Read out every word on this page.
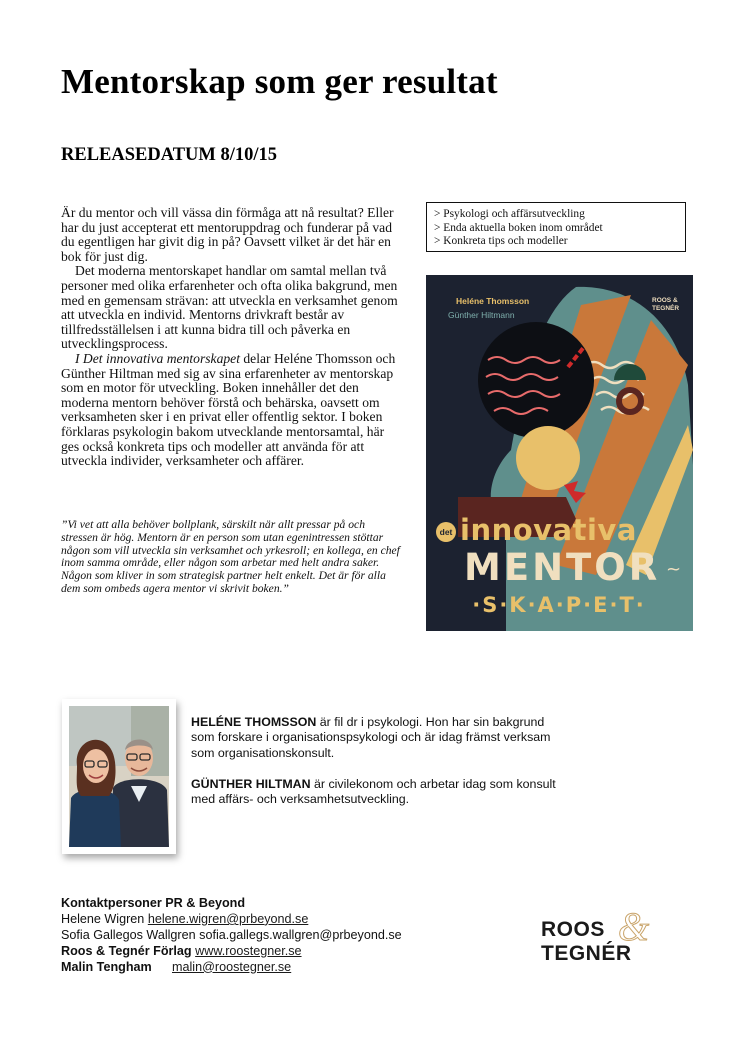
Mentorskap som ger resultat
RELEASEDATUM 8/10/15

Är du mentor och vill vässa din förmåga att nå resultat? Eller har du just accepterat ett mentoruppdrag och funderar på vad du egentligen har givit dig in på? Oavsett vilket är det här en bok för just dig.

Det moderna mentorskapet handlar om samtal mellan två personer med olika erfarenheter och ofta olika bakgrund, men med en gemensam strävan: att utveckla en verksamhet genom att utveckla en individ. Mentorns drivkraft består av tillfredsställelsen i att kunna bidra till och påverka en utvecklingsprocess.

I Det innovativa mentorskapet delar Heléne Thomsson och Günther Hiltman med sig av sina erfarenheter av mentorskap som en motor för utveckling. Boken innehåller det den moderna mentorn behöver förstå och behärska, oavsett om verksamheten sker i en privat eller offentlig sektor. I boken förklaras psykologin bakom utvecklande mentorsamtal, här ges också konkreta tips och modeller att använda för att utveckla individer, verksamheter och affärer.

”Vi vet att alla behöver bollplank, särskilt när allt pressar på och stressen är hög. Mentorn är en person som utan egenintressen stöttar någon som vill utveckla sin verksamhet och yrkesroll; en kollega, en chef inom samma område, eller någon som arbetar med helt andra saker. Någon som kliver in som strategisk partner helt enkelt. Det är för alla dem som ombeds agera mentor vi skrivit boken.”
> Psykologi och affärsutveckling
> Enda aktuella boken inom området
> Konkreta tips och modeller
Heléne Thomsson
Günther Hiltmann
ROOS &
TEGNÉR
det innovativa
MENTOR ~
·S·K·A·P·E·T·

HELÉNE THOMSSON är fil dr i psykologi. Hon har sin bakgrund som forskare i organisationspsykologi och är idag främst verksam som organisationskonsult.

GÜNTHER HILTMAN är civilekonom och arbetar idag som konsult med affärs- och verksamhetsutveckling.

Kontaktpersoner PR & Beyond
Helene Wigren helene.wigren@prbeyond.se
Sofia Gallegos Wallgren sofia.gallegs.wallgren@prbeyond.se
Roos & Tegnér Förlag www.roostegner.se
Malin Tengham malin@roostegner.se
&
ROOS
TEGNÉR
